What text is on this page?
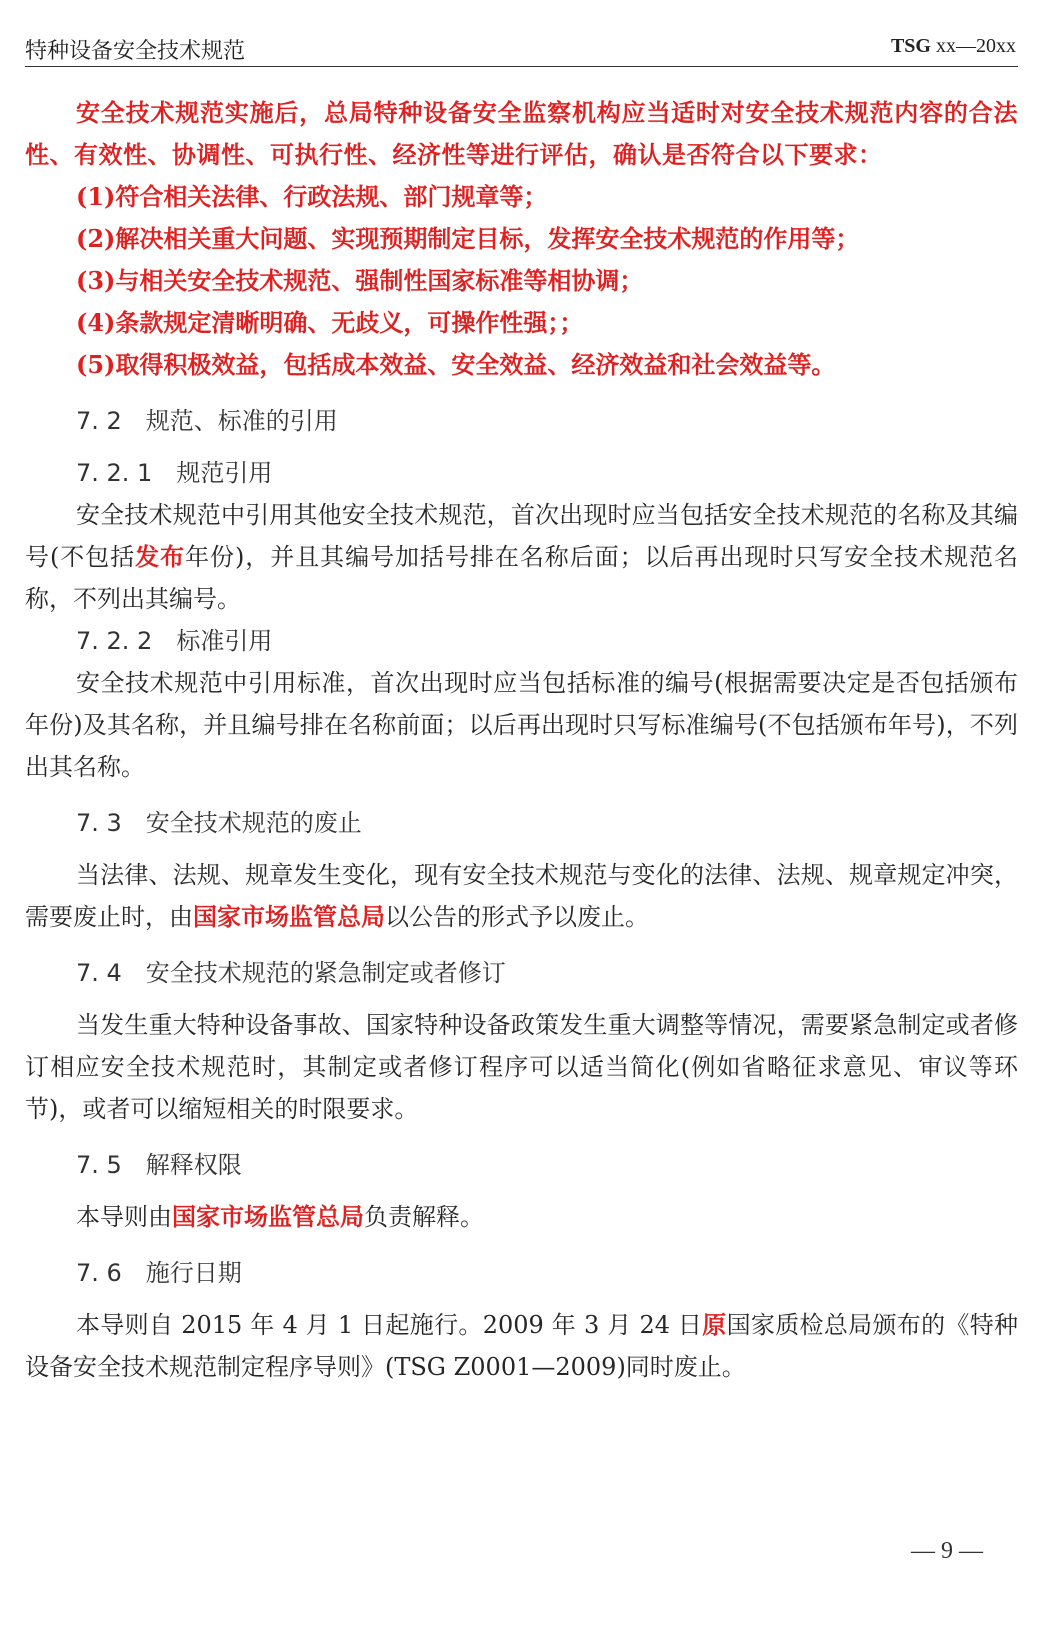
特种设备安全技术规范	TSG xx—20xx

安全技术规范实施后，总局特种设备安全监察机构应当适时对安全技术规范内容的合法性、有效性、协调性、可执行性、经济性等进行评估，确认是否符合以下要求：

(1)符合相关法律、行政法规、部门规章等；

(2)解决相关重大问题、实现预期制定目标，发挥安全技术规范的作用等；

(3)与相关安全技术规范、强制性国家标准等相协调；

(4)条款规定清晰明确、无歧义，可操作性强；；

(5)取得积极效益，包括成本效益、安全效益、经济效益和社会效益等。

7. 2 规范、标准的引用

7. 2. 1 规范引用

安全技术规范中引用其他安全技术规范，首次出现时应当包括安全技术规范的名称及其编号(不包括发布年份)，并且其编号加括号排在名称后面；以后再出现时只写安全技术规范名称，不列出其编号。

7. 2. 2 标准引用

安全技术规范中引用标准，首次出现时应当包括标准的编号(根据需要决定是否包括颁布年份)及其名称，并且编号排在名称前面；以后再出现时只写标准编号(不包括颁布年号)，不列出其名称。

7. 3 安全技术规范的废止

当法律、法规、规章发生变化，现有安全技术规范与变化的法律、法规、规章规定冲突，需要废止时，由国家市场监管总局以公告的形式予以废止。

7. 4 安全技术规范的紧急制定或者修订

当发生重大特种设备事故、国家特种设备政策发生重大调整等情况，需要紧急制定或者修订相应安全技术规范时，其制定或者修订程序可以适当简化(例如省略征求意见、审议等环节)，或者可以缩短相关的时限要求。

7. 5 解释权限

本导则由国家市场监管总局负责解释。

7. 6 施行日期

本导则自 2015 年 4 月 1 日起施行。2009 年 3 月 24 日原国家质检总局颁布的《特种设备安全技术规范制定程序导则》(TSG Z0001—2009)同时废止。

— 9 —
